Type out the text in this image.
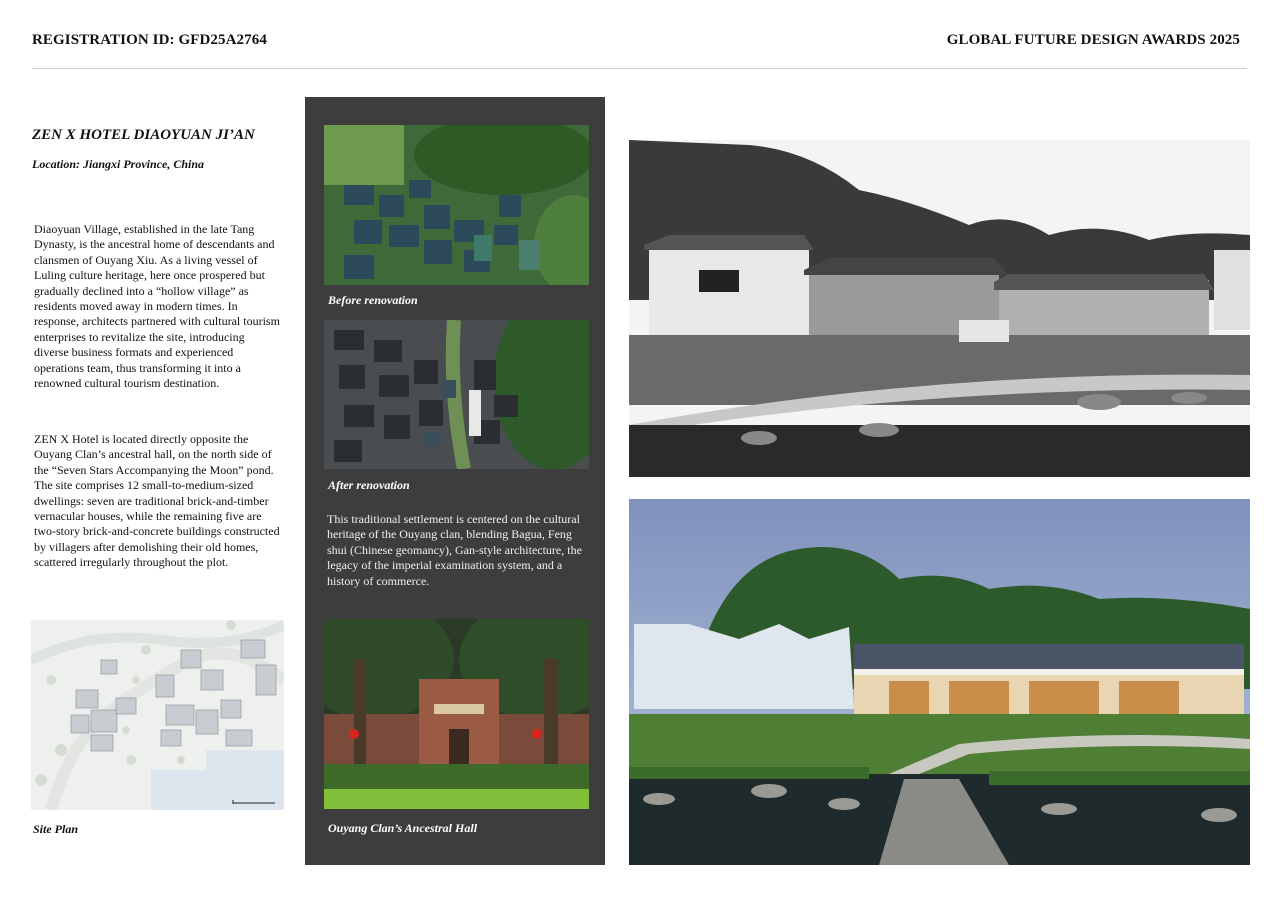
REGISTRATION ID: GFD25A2764	GLOBAL FUTURE DESIGN AWARDS 2025
ZEN X HOTEL DIAOYUAN JI’AN
Location: Jiangxi Province, China
Diaoyuan Village, established in the late Tang Dynasty, is the ancestral home of descendants and clansmen of Ouyang Xiu. As a living vessel of Luling culture heritage, here once prospered but gradually declined into a “hollow village” as residents moved away in modern times. In response, architects partnered with cultural tourism enterprises to revitalize the site, introducing diverse business formats and experienced operations team, thus transforming it into a renowned cultural tourism destination.
ZEN X Hotel is located directly opposite the Ouyang Clan’s ancestral hall, on the north side of the “Seven Stars Accompanying the Moon” pond. The site comprises 12 small-to-medium-sized dwellings: seven are traditional brick-and-timber vernacular houses, while the remaining five are two-story brick-and-concrete buildings constructed by villagers after demolishing their old homes, scattered irregularly throughout the plot.
Site Plan
Before renovation
After renovation
This traditional settlement is centered on the cultural heritage of the Ouyang clan, blending Bagua, Feng shui (Chinese geomancy), Gan-style architecture, the legacy of the imperial examination system, and a history of commerce.
Ouyang Clan’s Ancestral Hall
